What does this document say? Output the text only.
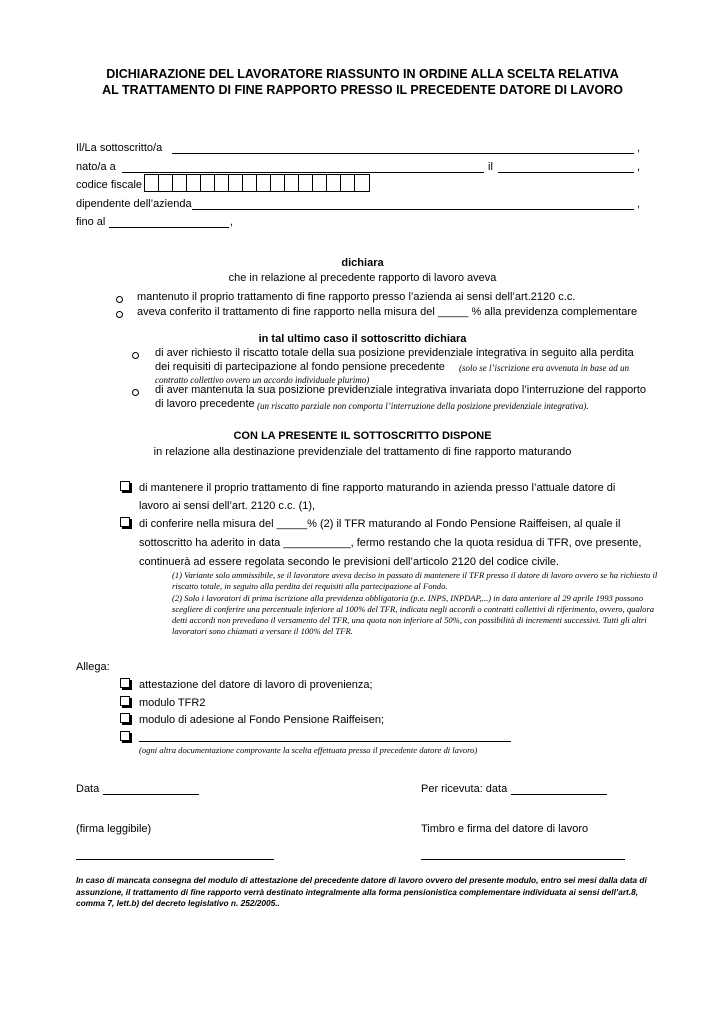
DICHIARAZIONE DEL LAVORATORE RIASSUNTO IN ORDINE ALLA SCELTA RELATIVA
AL TRATTAMENTO DI FINE RAPPORTO PRESSO IL PRECEDENTE DATORE DI LAVORO
Il/La sottoscritto/a	,
nato/a a	il	,
codice fiscale
dipendente dell’azienda	,
fino al	,
dichiara
che in relazione al precedente rapporto di lavoro aveva
mantenuto il proprio trattamento di fine rapporto presso l’azienda ai sensi dell’art.2120 c.c.
aveva conferito il trattamento di fine rapporto nella misura del _____ % alla previdenza complementare
in tal ultimo caso il sottoscritto dichiara
di aver richiesto il riscatto totale della sua posizione previdenziale integrativa in seguito alla perdita
dei requisiti di partecipazione al fondo pensione precedente (solo se l’iscrizione era avvenuta in base ad un
contratto collettivo ovvero un accordo individuale plurimo)
di aver mantenuta la sua posizione previdenziale integrativa invariata dopo l’interruzione del rapporto
di lavoro precedente (un riscatto parziale non comporta l’interruzione della posizione previdenziale integrativa).
CON LA PRESENTE IL SOTTOSCRITTO DISPONE
in relazione alla destinazione previdenziale del trattamento di fine rapporto maturando
di mantenere il proprio trattamento di fine rapporto maturando in azienda presso l’attuale datore di
lavoro ai sensi dell’art. 2120 c.c. (1),
di conferire nella misura del _____% (2) il TFR maturando al Fondo Pensione Raiffeisen, al quale il
sottoscritto ha aderito in data ___________, fermo restando che la quota residua di TFR, ove presente,
continuerà ad essere regolata secondo le previsioni dell’articolo 2120 del codice civile.
(1) Variante solo ammissibile, se il lavoratore aveva deciso in passato di mantenere il TFR presso il datore di lavoro ovvero se ha richiesto il riscatto totale, in seguito alla perdita dei requisiti alla partecipazione al Fondo.
(2) Solo i lavoratori di prima iscrizione alla previdenza obbligatoria (p.e. INPS, INPDAP,...) in data anteriore al 29 aprile 1993 possono scegliere di conferire una percentuale inferiore al 100% del TFR, indicata negli accordi o contratti collettivi di riferimento, ovvero, qualora detti accordi non prevedano il versamento del TFR, una quota non inferiore al 50%, con possibilità di incrementi successivi. Tutti gli altri lavoratori sono chiamati a versare il 100% del TFR.
Allega:
attestazione del datore di lavoro di provenienza;
modulo TFR2
modulo di adesione al Fondo Pensione Raiffeisen;
(ogni altra documentazione comprovante la scelta effettuata presso il precedente datore di lavoro)
Data	Per ricevuta: data
(firma leggibile)	Timbro e firma del datore di lavoro
In caso di mancata consegna del modulo di attestazione del precedente datore di lavoro ovvero del presente modulo, entro sei mesi dalla data di assunzione, il trattamento di fine rapporto verrà destinato integralmente alla forma pensionistica complementare individuata ai sensi dell’art.8, comma 7, lett.b) del decreto legislativo n. 252/2005..
